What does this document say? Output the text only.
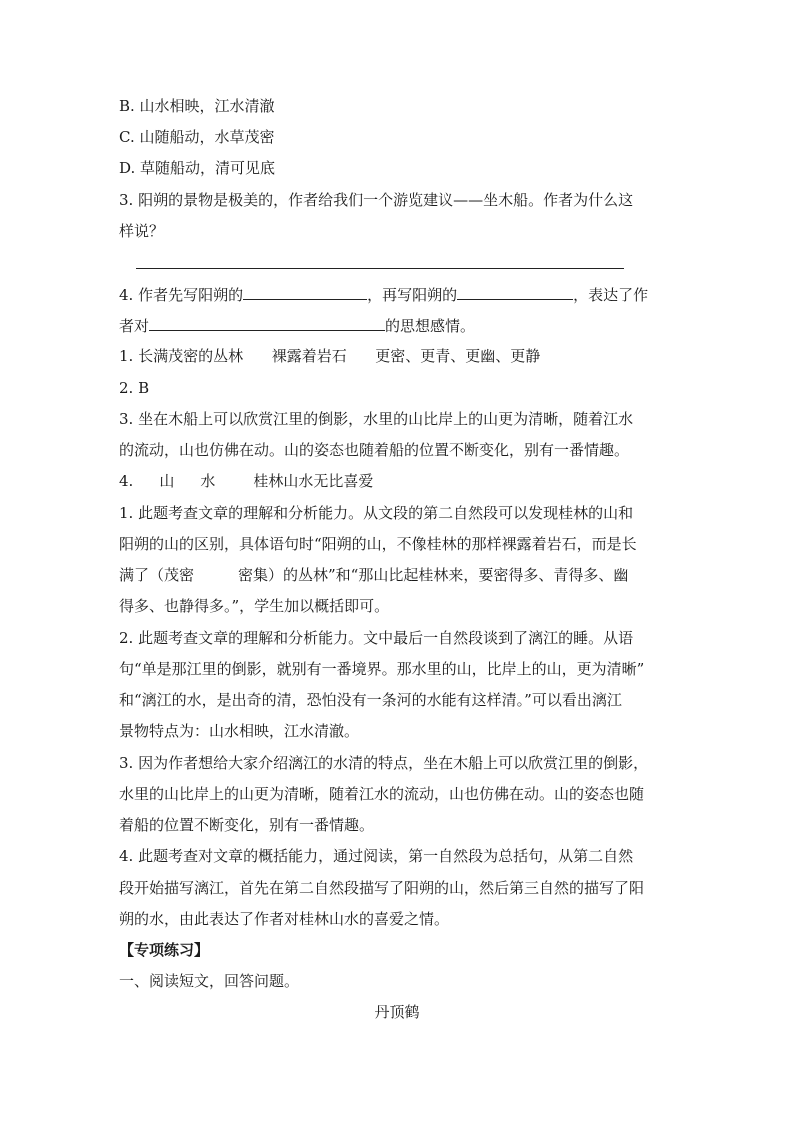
B. 山水相映，江水清澈
C. 山随船动，水草茂密
D. 草随船动，清可见底
3. 阳朔的景物是极美的，作者给我们一个游览建议——坐木船。作者为什么这
样说？
4. 作者先写阳朔的	，再写阳朔的	，表达了作
者对	的思想感情。
1. 长满茂密的丛林      裸露着岩石      更密、更青、更幽、更静
2. B
3. 坐在木船上可以欣赏江里的倒影，水里的山比岸上的山更为清晰，随着江水
的流动，山也仿佛在动。山的姿态也随着船的位置不断变化，别有一番情趣。
4. 山 水	桂林山水无比喜爱
1. 此题考查文章的理解和分析能力。从文段的第二自然段可以发现桂林的山和
阳朔的山的区别，具体语句时“阳朔的山，不像桂林的那样裸露着岩石，而是长
满了（茂密	密集）的丛林”和“那山比起桂林来，要密得多、青得多、幽
得多、也静得多。”，学生加以概括即可。
2. 此题考查文章的理解和分析能力。文中最后一自然段谈到了漓江的睡。从语
句“单是那江里的倒影，就别有一番境界。那水里的山，比岸上的山，更为清晰”
和“漓江的水，是出奇的清，恐怕没有一条河的水能有这样清。”可以看出漓江
景物特点为：山水相映，江水清澈。
3. 因为作者想给大家介绍漓江的水清的特点，坐在木船上可以欣赏江里的倒影，
水里的山比岸上的山更为清晰，随着江水的流动，山也仿佛在动。山的姿态也随
着船的位置不断变化，别有一番情趣。
4. 此题考查对文章的概括能力，通过阅读，第一自然段为总括句，从第二自然
段开始描写漓江，首先在第二自然段描写了阳朔的山，然后第三自然的描写了阳
朔的水，由此表达了作者对桂林山水的喜爱之情。
【专项练习】
一、阅读短文，回答问题。
丹顶鹤
